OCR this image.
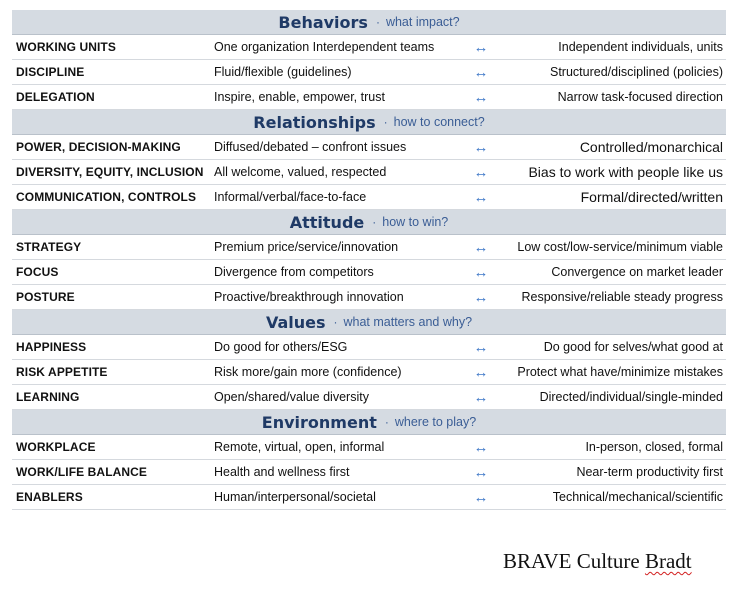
Behaviors · what impact?
WORKING UNITS	One organization Interdependent teams	↔	Independent individuals, units
DISCIPLINE	Fluid/flexible (guidelines)	↔	Structured/disciplined (policies)
DELEGATION	Inspire, enable, empower, trust	↔	Narrow task-focused direction
Relationships · how to connect?
POWER, DECISION-MAKING	Diffused/debated – confront issues	↔	Controlled/monarchical
DIVERSITY, EQUITY, INCLUSION All welcome, valued, respected	↔	Bias to work with people like us
COMMUNICATION, CONTROLS	Informal/verbal/face-to-face	↔	Formal/directed/written
Attitude · how to win?
STRATEGY	Premium price/service/innovation	↔	Low cost/low-service/minimum viable
FOCUS	Divergence from competitors	↔	Convergence on market leader
POSTURE	Proactive/breakthrough innovation	↔	Responsive/reliable steady progress
Values · what matters and why?
HAPPINESS	Do good for others/ESG	↔	Do good for selves/what good at
RISK APPETITE	Risk more/gain more (confidence)	↔	Protect what have/minimize mistakes
LEARNING	Open/shared/value diversity	↔	Directed/individual/single-minded
Environment · where to play?
WORKPLACE	Remote, virtual, open, informal	↔	In-person, closed, formal
WORK/LIFE BALANCE	Health and wellness first	↔	Near-term productivity first
ENABLERS	Human/interpersonal/societal	↔	Technical/mechanical/scientific
BRAVE Culture Bradt
